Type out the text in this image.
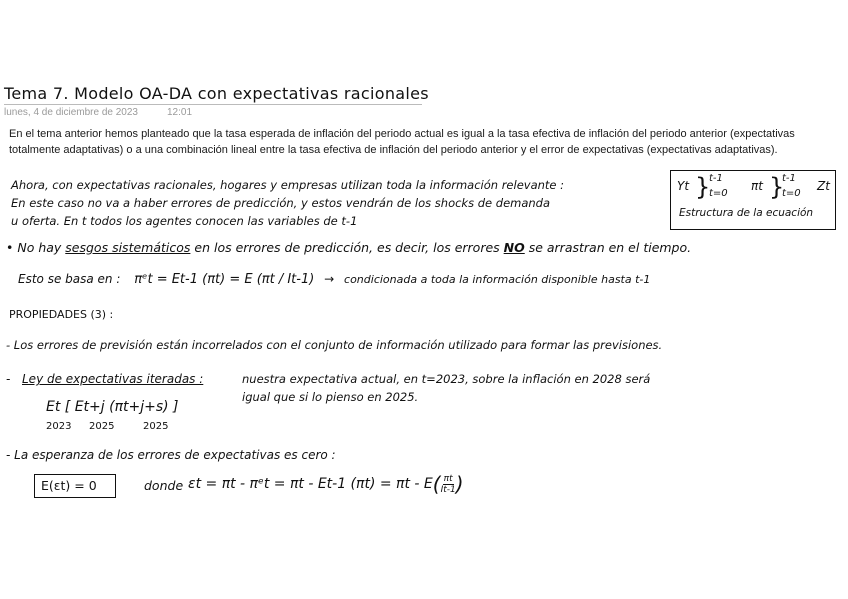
Tema 7. Modelo OA-DA con expectativas racionales
lunes, 4 de diciembre de 2023	12:01
En el tema anterior hemos planteado que la tasa esperada de inflación del periodo actual es igual a la tasa efectiva de inflación del periodo anterior (expectativas
totalmente adaptativas) o a una combinación lineal entre la tasa efectiva de inflación del periodo anterior y el error de expectativas (expectativas adaptativas).
Ahora, con expectativas racionales, hogares y empresas utilizan toda la información relevante :
En este caso no va a haber errores de predicción, y estos vendrán de los shocks de demanda
u oferta. En t todos los agentes conocen las variables de t-1
Yt }
t-1
t=0
πt }
t-1
t=0
Zt
Estructura de la ecuación
• No hay sesgos sistemáticos en los errores de predicción, es decir, los errores NO se arrastran en el tiempo.
Esto se basa en : πᵉt = Et-1 (πt) = E (πt / It-1) → condicionada a toda la información disponible hasta t-1
PROPIEDADES (3) :
- Los errores de previsión están incorrelados con el conjunto de información utilizado para formar las previsiones.
- Ley de expectativas iteradas :	nuestra expectativa actual, en t=2023, sobre la inflación en 2028 será
igual que si lo pienso en 2025.
Et [ Et+j (πt+j+s) ]
2023 2025	2025
- La esperanza de los errores de expectativas es cero :
E(εt) = 0	donde εt = πt - πᵉt = πt - Et-1 $(\pi t) = \pi t - E( \frac{\pi t}{It-1}$ )
